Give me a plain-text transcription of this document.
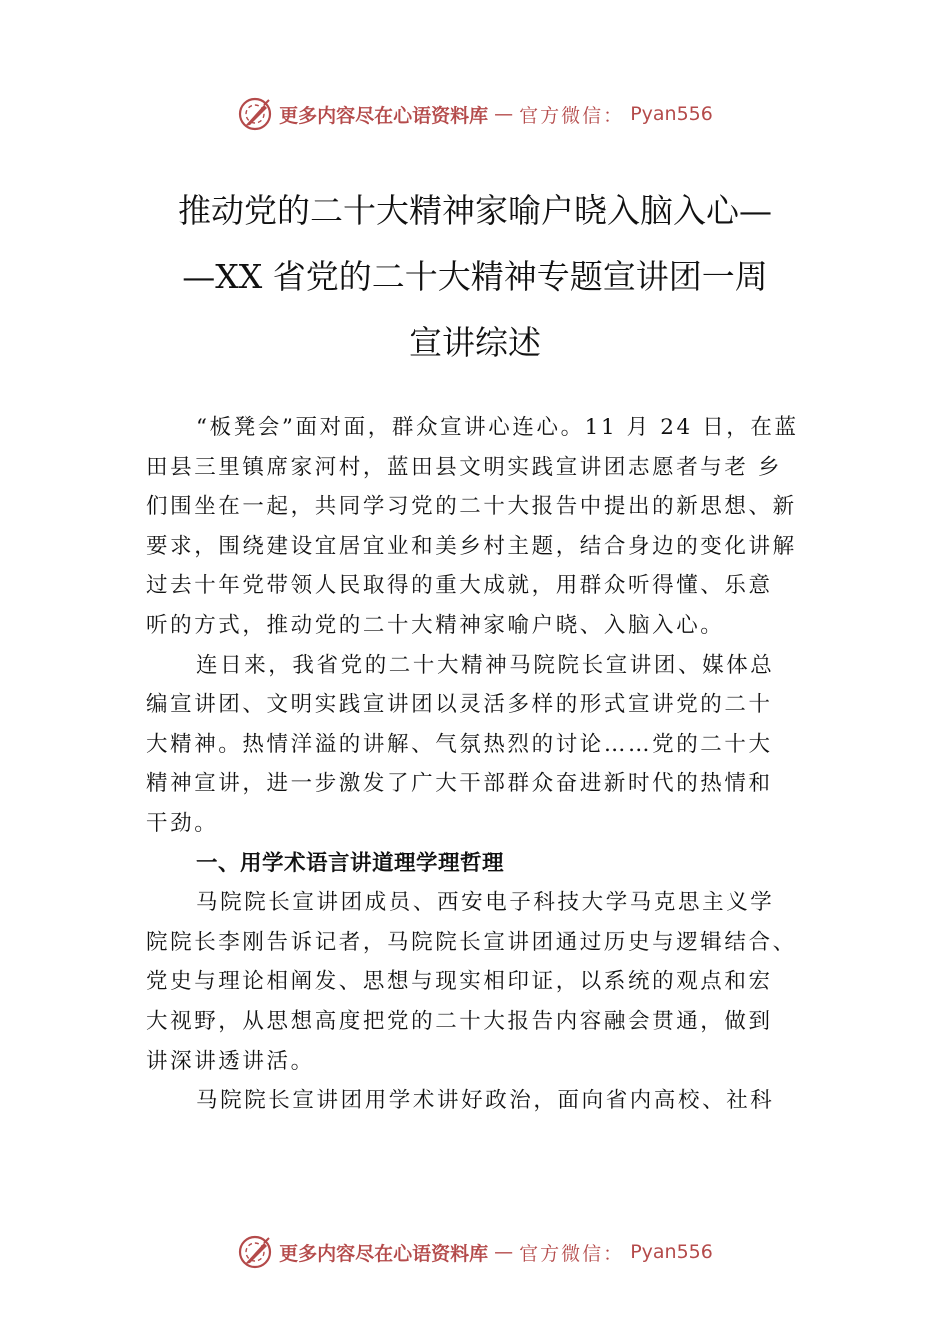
更多内容尽在心语资料库 — 官方微信： Pyan556
推动党的二十大精神家喻户晓入脑入心—
—XX 省党的二十大精神专题宣讲团一周
宣讲综述

“板凳会”面对面，群众宣讲心连心。11 月 24 日，在蓝
田县三里镇席家河村，蓝田县文明实践宣讲团志愿者与老 乡
们围坐在一起，共同学习党的二十大报告中提出的新思想、新
要求，围绕建设宜居宜业和美乡村主题，结合身边的变化讲解
过去十年党带领人民取得的重大成就，用群众听得懂、乐意
听的方式，推动党的二十大精神家喻户晓、入脑入心。

连日来，我省党的二十大精神马院院长宣讲团、媒体总
编宣讲团、文明实践宣讲团以灵活多样的形式宣讲党的二十
大精神。热情洋溢的讲解、气氛热烈的讨论……党的二十大
精神宣讲，进一步激发了广大干部群众奋进新时代的热情和
干劲。

一、用学术语言讲道理学理哲理

马院院长宣讲团成员、西安电子科技大学马克思主义学
院院长李刚告诉记者，马院院长宣讲团通过历史与逻辑结合、
党史与理论相阐发、思想与现实相印证，以系统的观点和宏
大视野，从思想高度把党的二十大报告内容融会贯通，做到
讲深讲透讲活。

马院院长宣讲团用学术讲好政治，面向省内高校、社科

更多内容尽在心语资料库 — 官方微信： Pyan556
